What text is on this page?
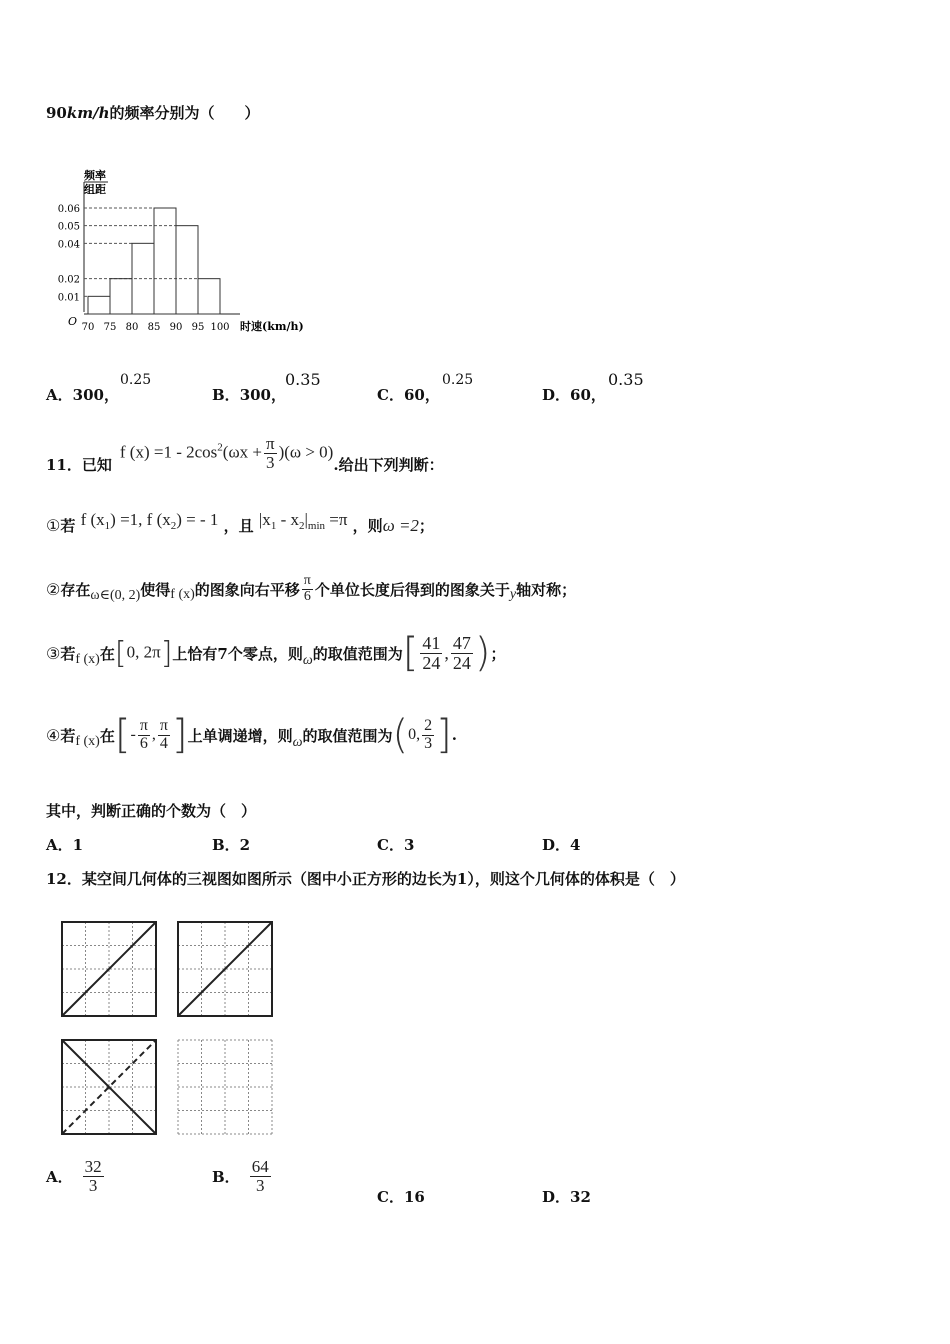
90km/h的频率分别为（　　）
频率
组距
O	时速(km/h)
0.01
0.02
0.04
0.05
0.06
70 75 80 85 90 95 100
A．300，
0.25
B．300，
0.35
C．60，
0.25
D．60，
0.35
11．已知
f $(x) =1 - 2\cos^2(\omega x + \frac{\pi}{3} )(\omega > 0)$
.给出下列判断：
①若 f $(x_1) =1$, f $(x_2)$ = - 1 ，且 $|x_1 - x_2|_{min} =\pi$ ，则ω =2；
② 存在 ω∈(0, 2) 使得 f (x) 的图象向右平移 $\frac{\pi}{6}$ 个单位长度后得到的图象关于 y 轴对称；
③ 若 f (x) 在 [0, 2π] 上恰有7个零点，则 ω 的取值范围为 [ $\frac{41}{24}$ , $\frac{47}{24}$ ) ；
④ 若 f (x) 在 [ - $\frac{\pi}{6}$ , $\frac{\pi}{4}$ ] 上单调递增，则 ω 的取值范围为 ( 0, $\frac{2}{3}$ ] .
其中，判断正确的个数为（　）
A．1	B．2	C．3	D．4
12．某空间几何体的三视图如图所示（图中小正方形的边长为1），则这个几何体的体积是（　）
A． $\frac{32}{3}$	B． $\frac{64}{3}$
C．16	D．32
